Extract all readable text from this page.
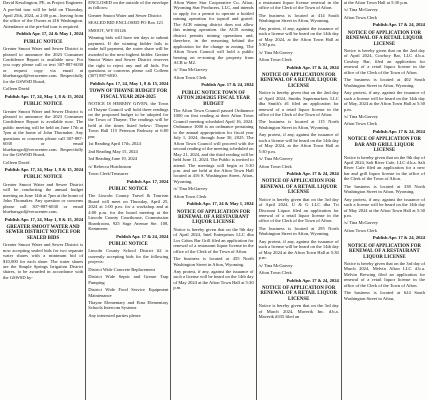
David Kesslington, PE, as Project Engineer.

A pre-bid tour will be held on Thursday, April 25th, 2024, at 2:00 p.m., leaving from the office of the Owner at 416 Washington. Attendance at the pre-bid tour is required.

Publish Apr. 17, 24 & May 1, 2024
PUBLIC NOTICE

Greater Smoot Water and Sewer District is pleased to announce the 2023 Consumer Confidence Report is available now. For you copy please call or text 307-887-6030 or request copy via email at bluebarsgsd@veracenter.com. Respectfully for the GSWSD Board,

Colleen David

Publish Apr. 17, 24, May 1, 8 & 15, 2024
PUBLIC NOTICE

Greater Smoot Water and Sewer District is pleased to announce the 2023 Consumer Confidence Report is available now. The public meeting will be held on June 17th at 7pm at the home of John Thornaker. Any questions or concerns please call 307-887-6030 or email bluebarsgsd@veracenter.com. Respectfully for the GSWSD Board,

Colleen David

Publish Apr. 17, 24, May 1, 8 & 15, 2024
PUBLIC NOTICE

Greater Smoot Water and Sewer District will be conducting the annual budget meeting on June 14th at 7pm at the home of John Thornaker. Any question or concerns please call 307-887-6030 or email bluebarsgsd@veracenter.com.

Publish Apr. 17, 24, May 1, 8 & 15, 2024
GREATER SMOOT WATER AND SEWER DISTRICT NOTICE FOR SEALED BIDS

Greater Smoot Water and Sewer District is now accepting sealed bids for two separate water shares with a minimum bid of $10,000 for each share. The water shares are the Simple Springs Irrigation District shares, to be awarded in accordance with the GSWSD by-

ENCLOSED on the outside of the envelope as follows:

Greater Smoot Water and Sewer District

SEALED BID ENCLOSED PO Box 121

SMOOT, WY 83126

Winning bids will have ten days to submit payment. If the winning bidder fails to make full payment, the water share will be awarded to the next highest bidder. Greater Smoot Water and Sewer District reserves the right to reject any and all bids. For questions or concerns please call Colleen (307) 887-6030.

Publish Apr. 17, 24, May 1, 8 & 15, 2024
TOWN OF THAYNE BUDGET FOR FISCAL YEAR 2024-2025

NOTICE IS HEREBY GIVEN, the Town of Thayne Council will hold three readings on the proposed budget to be adopted for the Town of Thayne. The readings will be held at the times listed below: Thayne Town Hall 115 Peterson Parkway at 6:00 pm:

1st Reading April 17th, 2024

2nd Reading May 15, 2024

3rd Reading June 19, 2024

/s/ Rebecca Hutchinson

Town Clerk/Treasurer

Publish Apr. 17, 2024
PUBLIC NOTICE

The Lincoln County Travel & Tourism Board will meet on Thursday, April 25, 2024 at 1:00 p.m. for a workshop and at 4:00 p.m. for the board meeting at the Lincoln County Courthouse, Commission Boardroom, 925 Sage Avenue Ste. 108, Kemmerer.

Publish Apr. 17 & 24, 2024
PUBLIC NOTICE

Lincoln County School District #2 is currently accepting bids for the following projects:

District Wide Concrete Replacement

District Wide Septic and Grease Trap Pumping

District Wide Food Service Equipment Maintenance

Thayne Elementary and Etna Elementary Schools Intercom Systems

Any interested parties please

Afton Water Star Cooperative Co. Afton, Wyoming Star Producers, LLC, and intends to apply for a permit to operate a bottled mining operation for topsoil and gravel. The ACR mining district does not allow this mining operation. the ACR zoning district permits mining operations and, therefore, in the reasoning behind the application for the change in zoning. The Afton Town Council will hold a public hearing on re-zoning the property from ACR to M2.

/s/ Tina McGarvey

Afton Town Clerk

Publish Apr. 17 & 24, 2024
PUBLIC NOTICE TOWN OF AFTON 2024/2025 FISCAL YEAR BUDGET

The Afton Town Council passed Ordinance 1000 on first reading at their Afton Town Council meeting scheduled April 16, 2024. Ordinance 1000 is an ordinance pertaining to the annual appropriation for fiscal year July 1, 2024, through June 30, 2025. The Afton Town Council will proceed with the second reading of the meeting scheduled on May 21, 2024, and the third reading will be held June 11, 2024. The Public is invited to attend. The meetings will begin at 5:30 p.m. and are held at the Afton Town Hall located at 416 S. Washington Street, Afton, Wyoming.

/s/ Tina McGarvey

Afton Town Clerk

Publish Apr. 17, 24 & May 1, 2024
NOTICE OF APPLICATION FOR RENEWAL OF A RESTAURANT LIQUOR LICENSE

Notice is hereby given that on the 9th day of April 2024, Intel Enterprises LLC dba Los Cabos Bar Grill filed an application for renewal of a restaurant liquor license in the office of the Clerk of the Town of Afton.

The business is located at 455 North Washington Street in Afton, Wyoming.

Any protest, if any, against the issuance of such a license will be heard on the 14th day of May 2024 at the Afton Town Hall at 5:30 p.m.

a restaurant liquor license renewal in the office of the Clerk of the Town of Afton.

The business is located at 414 South Washington Street in Afton, Wyoming.

Any protest, if any, against the issuance of such a license will be heard on the 14th day of May 2024, at the Afton Town Hall at 5:30 p.m.

/s/ Tina McGarvey

Afton Town Clerk

Publish Apr. 17 & 24, 2024
NOTICE OF APPLICATION FOR RENEWAL OF A RETAIL LIQUOR LICENSE

Notice is hereby given that on the 2nd day of April 2024, Smiths Supermarkets LLC dba Smith's #1 filed an application for renewal of a retail liquor license in the office of the Clerk of the Town of Afton.

The business is located at 115 North Washington Street in Afton, Wyoming.

Any protest, if any, against the issuance of such a license will be heard on the 14th day of May 2024, at the Afton Town Hall at 5:30 p.m.

/s/ Tina McGarvey

Afton Town Clerk

Publish Apr. 17 & 24, 2024
NOTICE OF APPLICATION FOR RENEWAL OF A RETAIL LIQUOR LICENSE

Notice is hereby given that on the 3rd day of April 2024, U & G LLC dba Tri Discount Liquor filed an application for renewal of a retail liquor license in the office of the Clerk of the Town of Afton.

The business is located at 295 North Washington Street in Afton, Wyoming.

Any protest, if any, against the issuance of such a license will be heard on the 14th day of May 2024 at the Afton Town Hall at 5:30 p.m.

/s/ Tina McGarvey

Afton Town Clerk

Publish Apr. 17 & 24, 2024
NOTICE OF APPLICATION FOR RENEWAL OF A RETAIL LIQUOR LICENSE

Notice is hereby given that on the 3rd day of March 2024, Maverik Inc. d.b.a. Maverik #335 filed an

at the Afton Town Hall at 5:30 p.m.

/s/ Tina McGarvey

Afton Town Clerk

Publish Apr. 17 & 24, 2024
NOTICE OF APPLICATION FOR RENEWAL OF A RETAIL LIQUOR LICENSE

Notice is hereby given that on the 2nd day of April 2024, Cowboy Bar, LLC d.b.a. Cowboy Bar, filed an application for renewal of a retail liquor license in the office of the Clerk of the Town of Afton.

The business is located at 402 South Washington Street in Afton, Wyoming.

Any protest, if any, against the issuance of such a license will be heard on the 14th day of May, 2024 at the Afton Town Hall at 5:30 p.m.

/s/ Tina McGarvey

Afton Town Clerk

Publish Apr. 17 & 24, 2024
NOTICE OF APPLICATION FOR BAR AND GRILL LIQUOR LICENSE

Notice is hereby given that on the 9th day of April 2024, Salt River Cafe, LLC d.b.a. Salt River Cafe filed an application for a new bar and grill liquor license in the office of the Clerk of the Town of Afton.

The business is located at 338 North Washington Street in Afton, Wyoming.

Any protest, if any, against the issuance of such a license will be heard on the 14th day of May 2024 at the Afton Town Hall at 5:30 p.m.

/s/ Tina McGarvey

Afton Town Clerk

Publish Apr. 17 & 24, 2024
NOTICE OF APPLICATION FOR RENEWAL OF A RESTAURANT LIQUOR LICENSE

Notice is hereby given that on the 3rd day of March 2024, Melvin Afton LLC d.b.a. Melvin Brewing filed an application for renewal of a retail liquor license in the office of the Clerk of the Town of Afton.

The business is located at 624 South Washington Street in Afton,
